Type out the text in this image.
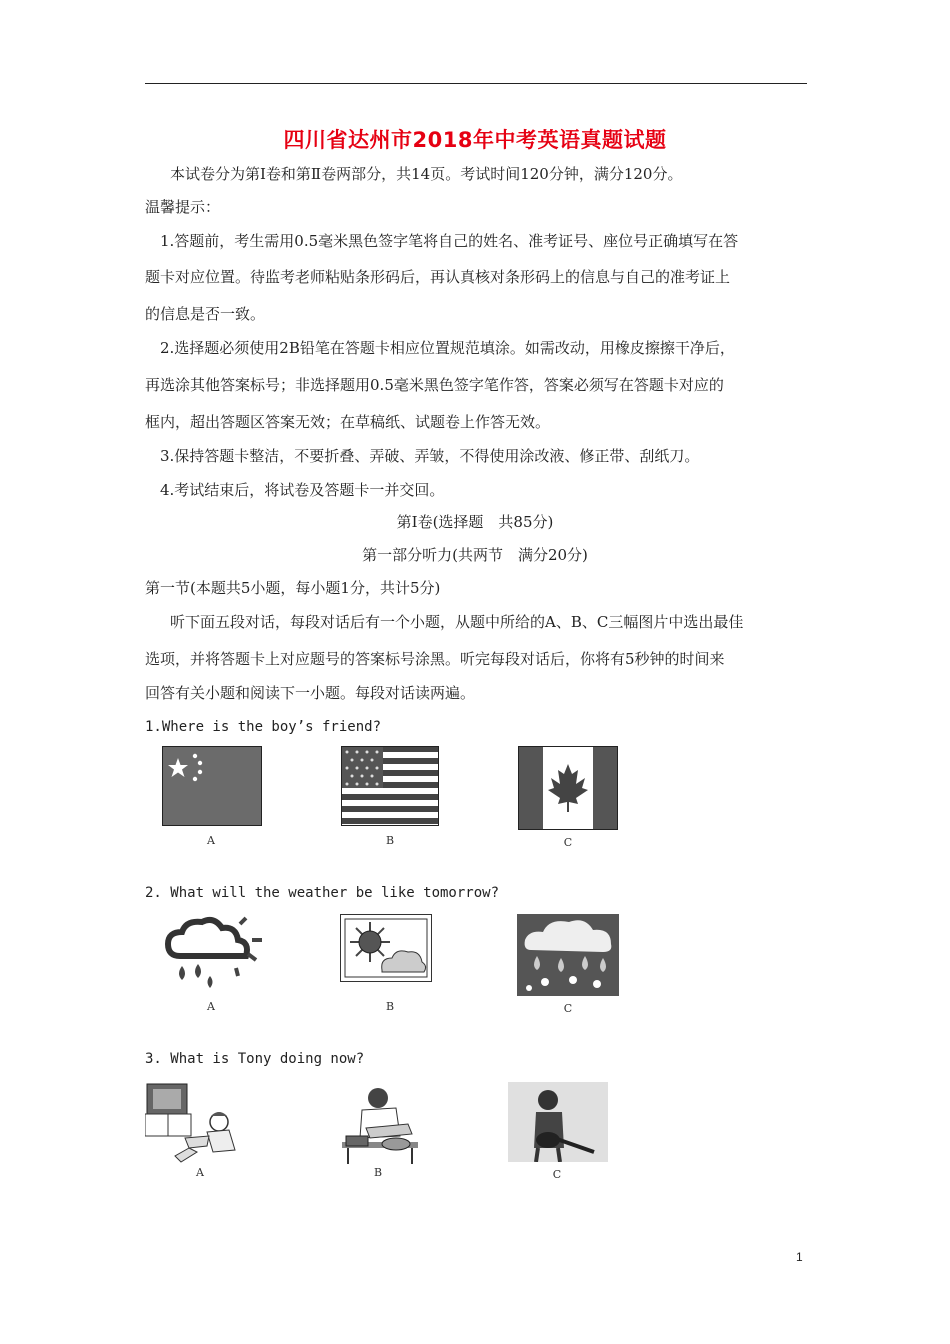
四川省达州市2018年中考英语真题试题
本试卷分为第Ⅰ卷和第Ⅱ卷两部分，共14页。考试时间120分钟，满分120分。
温馨提示：
1.答题前，考生需用0.5毫米黑色签字笔将自己的姓名、准考证号、座位号正确填写在答
题卡对应位置。待监考老师粘贴条形码后，再认真核对条形码上的信息与自己的准考证上
的信息是否一致。
2.选择题必须使用2B铅笔在答题卡相应位置规范填涂。如需改动，用橡皮擦擦干净后，
再选涂其他答案标号；非选择题用0.5毫米黑色签字笔作答，答案必须写在答题卡对应的
框内，超出答题区答案无效；在草稿纸、试题卷上作答无效。
3.保持答题卡整洁，不要折叠、弄破、弄皱，不得使用涂改液、修正带、刮纸刀。
4.考试结束后，将试卷及答题卡一并交回。
第Ⅰ卷(选择题　共85分)
第一部分听力(共两节　满分20分)
第一节(本题共5小题，每小题1分，共计5分)
听下面五段对话，每段对话后有一个小题，从题中所给的A、B、C三幅图片中选出最佳
选项，并将答题卡上对应题号的答案标号涂黑。听完每段对话后，你将有5秒钟的时间来
回答有关小题和阅读下一小题。每段对话读两遍。
1.Where is the boy’s friend?
A	B	C
2. What will the weather be like tomorrow?
A	B	C
3. What is Tony doing now?
A	B	C
1
